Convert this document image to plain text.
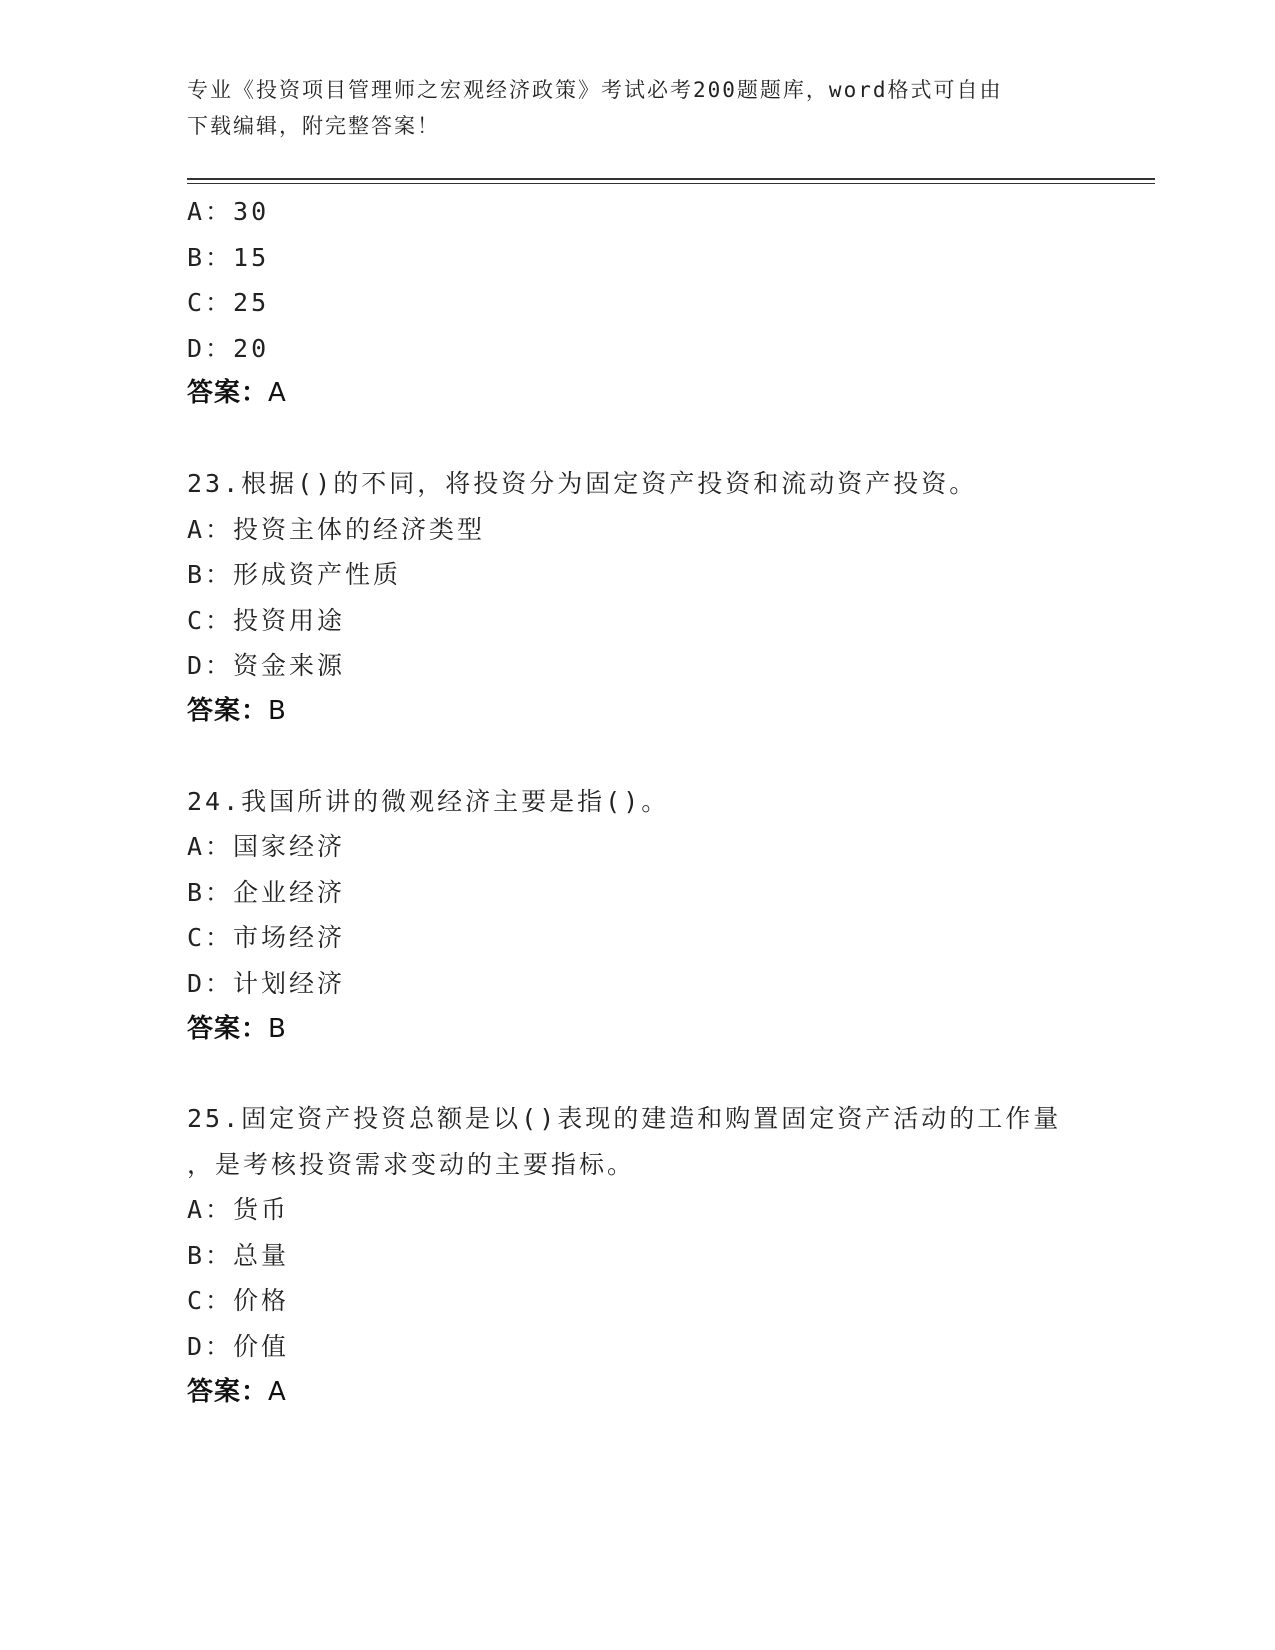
专业《投资项目管理师之宏观经济政策》考试必考200题题库，word格式可自由
下载编辑，附完整答案！
A：30
B：15
C：25
D：20
答案：A
23.根据()的不同，将投资分为固定资产投资和流动资产投资。
A：投资主体的经济类型
B：形成资产性质
C：投资用途
D：资金来源
答案：B
24.我国所讲的微观经济主要是指()。
A：国家经济
B：企业经济
C：市场经济
D：计划经济
答案：B
25.固定资产投资总额是以()表现的建造和购置固定资产活动的工作量
，是考核投资需求变动的主要指标。
A：货币
B：总量
C：价格
D：价值
答案：A
